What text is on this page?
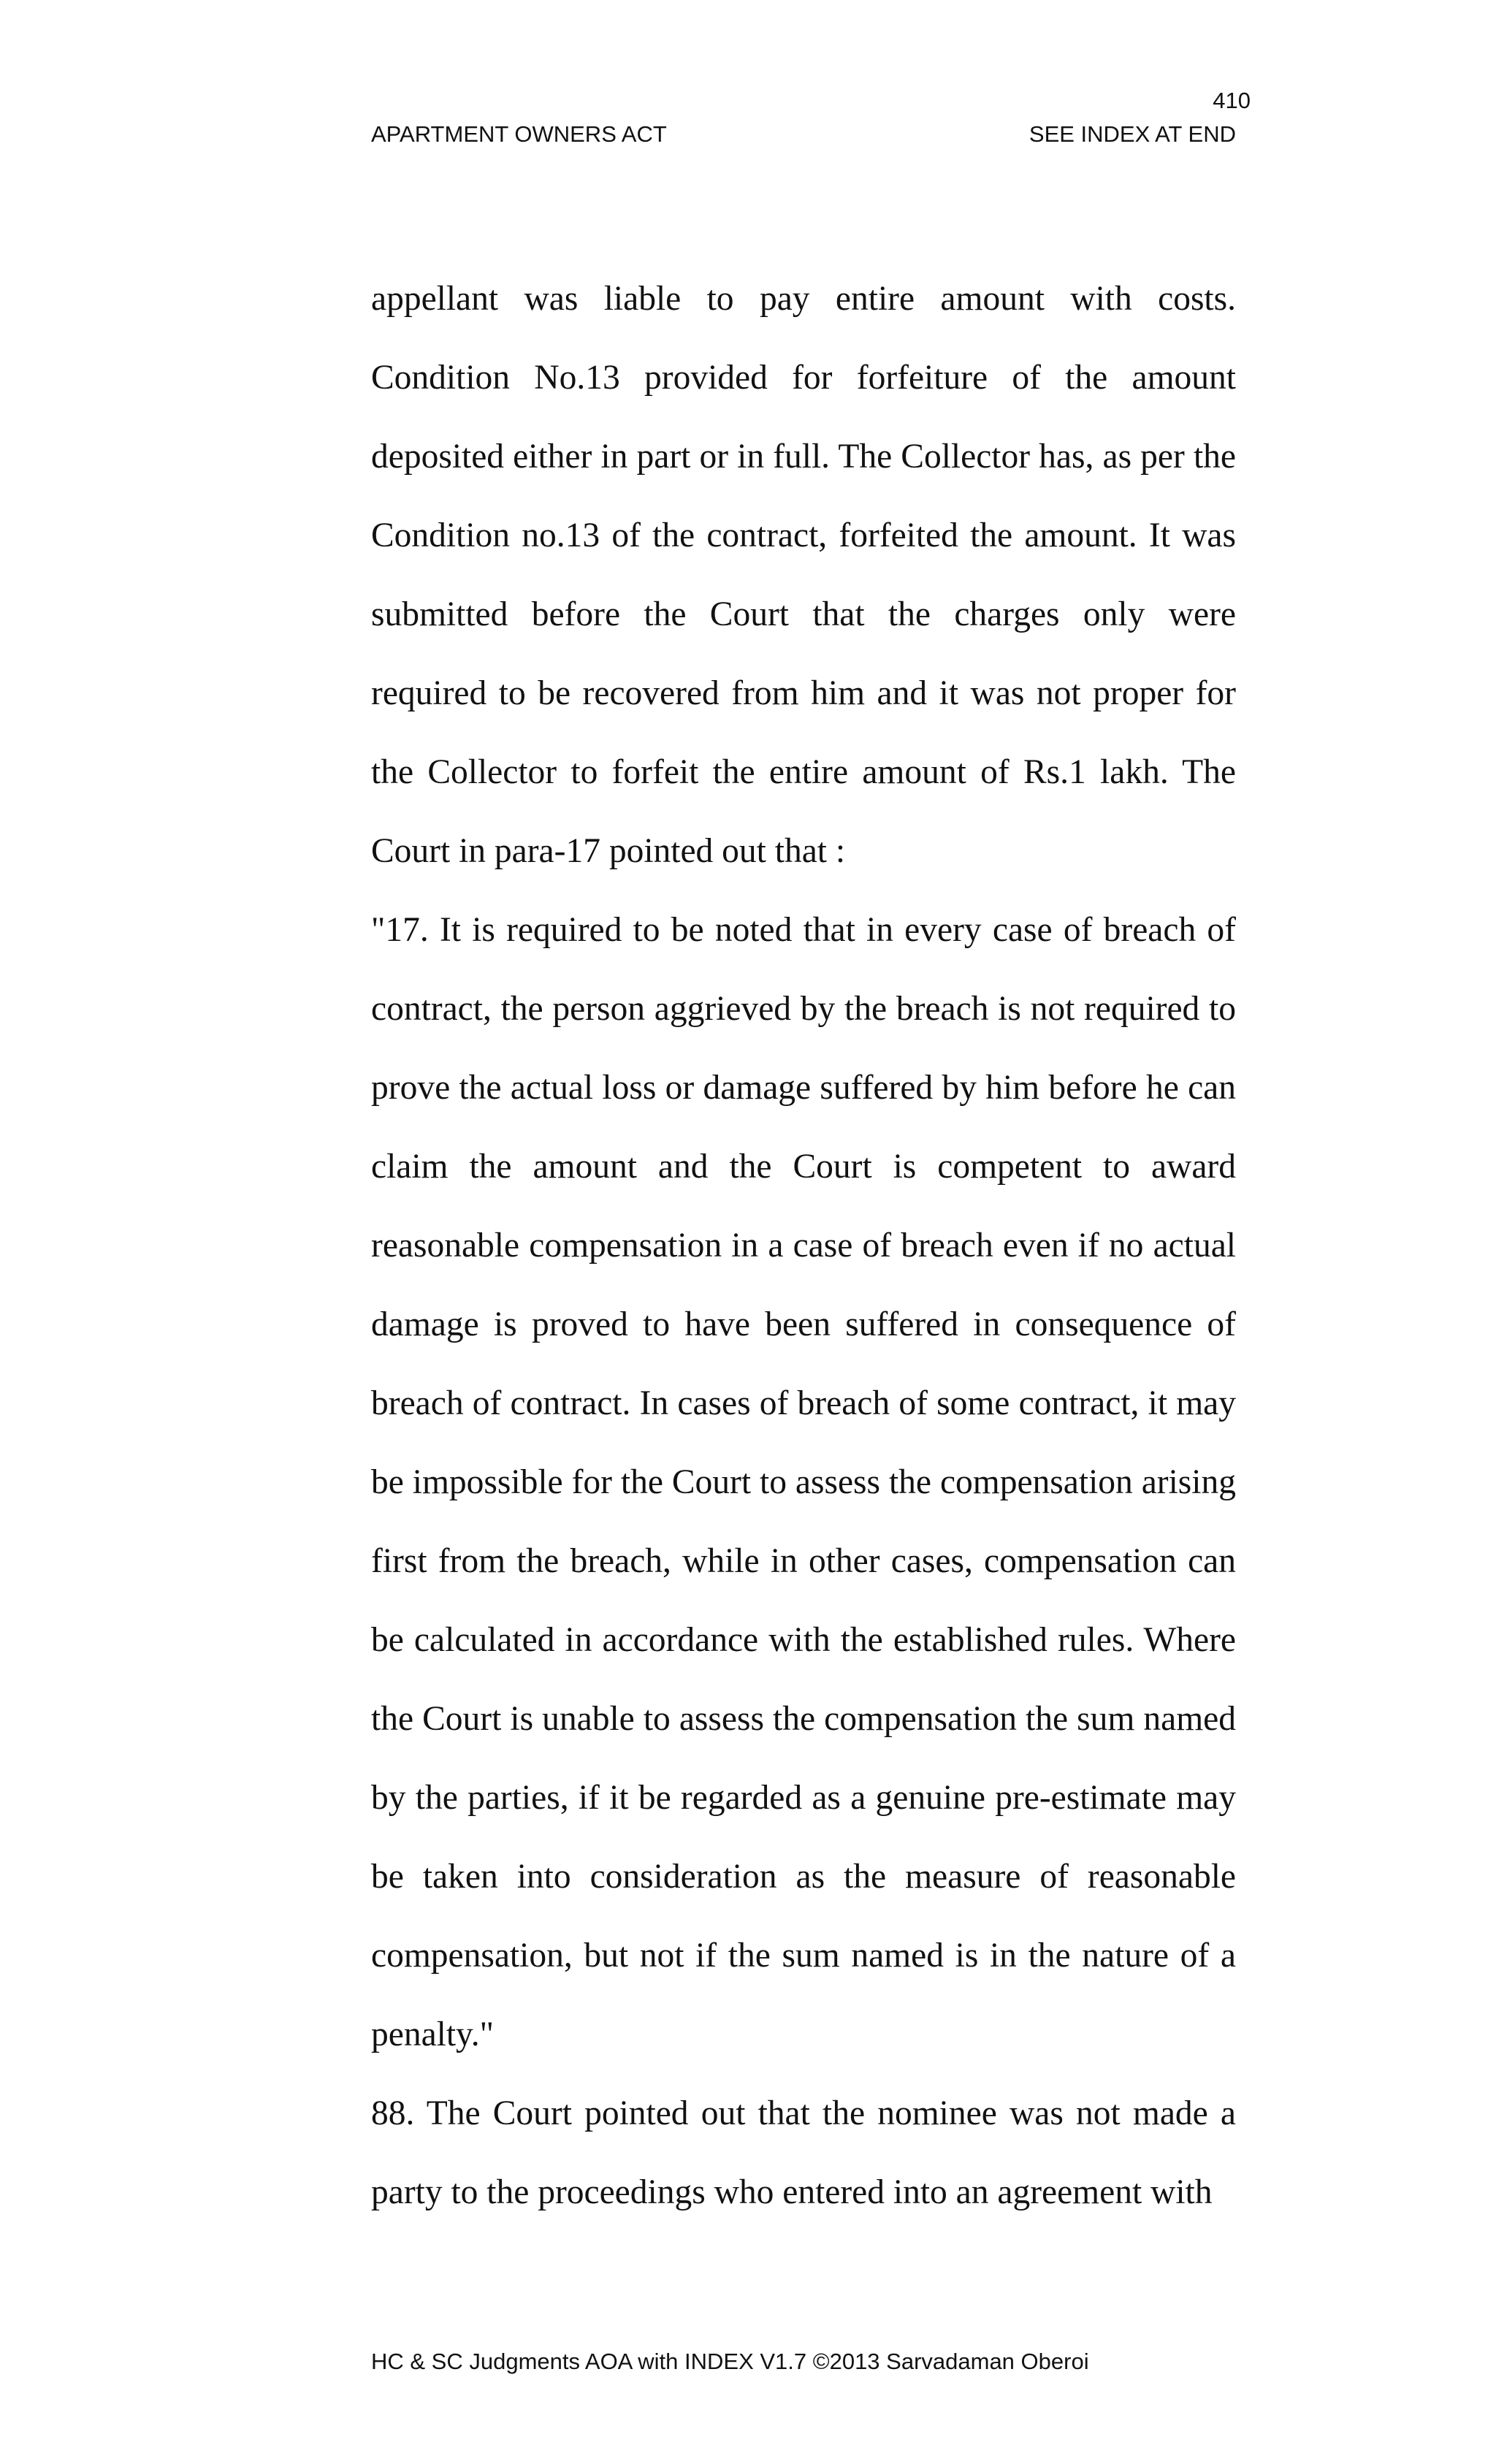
410
APARTMENT OWNERS ACT	SEE INDEX AT END

appellant was liable to pay entire amount with costs. Condition No.13 provided for forfeiture of the amount deposited either in part or in full. The Collector has, as per the Condition no.13 of the contract, forfeited the amount. It was submitted before the Court that the charges only were required to be recovered from him and it was not proper for the Collector to forfeit the entire amount of Rs.1 lakh. The Court in para-17 pointed out that :

"17. It is required to be noted that in every case of breach of contract, the person aggrieved by the breach is not required to prove the actual loss or damage suffered by him before he can claim the amount and the Court is competent to award reasonable compensation in a case of breach even if no actual damage is proved to have been suffered in consequence of breach of contract. In cases of breach of some contract, it may be impossible for the Court to assess the compensation arising first from the breach, while in other cases, compensation can be calculated in accordance with the established rules. Where the Court is unable to assess the compensation the sum named by the parties, if it be regarded as a genuine pre-estimate may be taken into consideration as the measure of reasonable compensation, but not if the sum named is in the nature of a penalty."

88. The Court pointed out that the nominee was not made a party to the proceedings who entered into an agreement with

HC & SC Judgments AOA with INDEX V1.7 ©2013 Sarvadaman Oberoi
